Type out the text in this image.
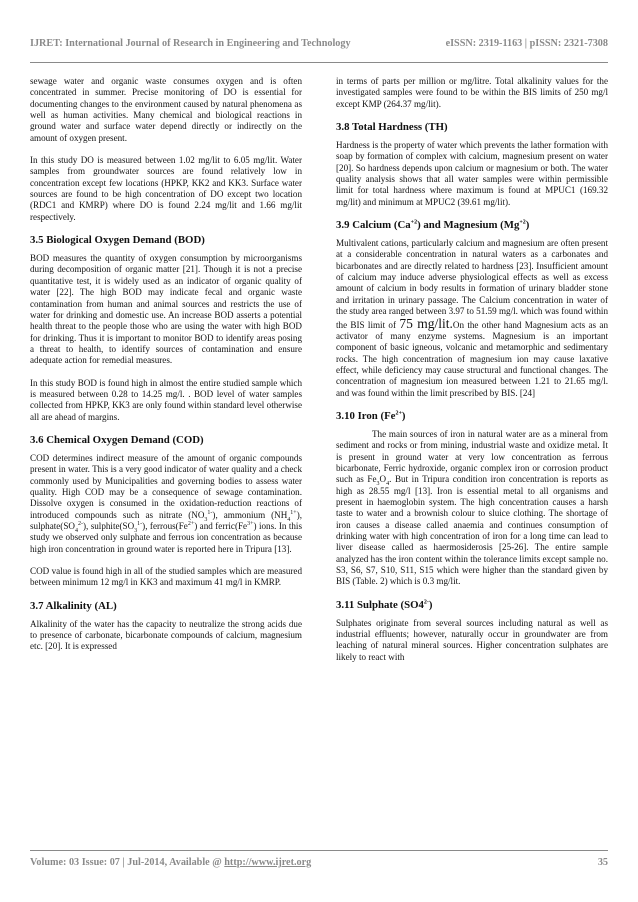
IJRET: International Journal of Research in Engineering and Technology	eISSN: 2319-1163 | pISSN: 2321-7308

sewage water and organic waste consumes oxygen and is often concentrated in summer. Precise monitoring of DO is essential for documenting changes to the environment caused by natural phenomena as well as human activities. Many chemical and biological reactions in ground water and surface water depend directly or indirectly on the amount of oxygen present.

In this study DO is measured between 1.02 mg/lit to 6.05 mg/lit. Water samples from groundwater sources are found relatively low in concentration except few locations (HPKP, KK2 and KK3. Surface water sources are found to be high concentration of DO except two location (RDC1 and KMRP) where DO is found 2.24 mg/lit and 1.66 mg/lit respectively.

3.5 Biological Oxygen Demand (BOD)

BOD measures the quantity of oxygen consumption by microorganisms during decomposition of organic matter [21]. Though it is not a precise quantitative test, it is widely used as an indicator of organic quality of water [22]. The high BOD may indicate fecal and organic waste contamination from human and animal sources and restricts the use of water for drinking and domestic use. An increase BOD asserts a potential health threat to the people those who are using the water with high BOD for drinking. Thus it is important to monitor BOD to identify areas posing a threat to health, to identify sources of contamination and ensure adequate action for remedial measures.

In this study BOD is found high in almost the entire studied sample which is measured between 0.28 to 14.25 mg/l. . BOD level of water samples collected from HPKP, KK3 are only found within standard level otherwise all are ahead of margins.

3.6 Chemical Oxygen Demand (COD)

COD determines indirect measure of the amount of organic compounds present in water. This is a very good indicator of water quality and a check commonly used by Municipalities and governing bodies to assess water quality. High COD may be a consequence of sewage contamination. Dissolve oxygen is consumed in the oxidation-reduction reactions of introduced compounds such as nitrate $(NO_3^{1-})$, ammonium $(NH_4^{1+})$, $sulphate(SO_4^{2-})$, $sulphite(SO_3^{1-})$, $ferrous(Fe^{2+})$ and $ferric(Fe^{3+})$ ions. In this study we observed only sulphate and ferrous ion concentration as because high iron concentration in ground water is reported here in Tripura [13].

COD value is found high in all of the studied samples which are measured between minimum 12 mg/l in KK3 and maximum 41 mg/l in KMRP.

3.7 Alkalinity (AL)

Alkalinity of the water has the capacity to neutralize the strong acids due to presence of carbonate, bicarbonate compounds of calcium, magnesium etc. [20]. It is expressed

in terms of parts per million or mg/litre. Total alkalinity values for the investigated samples were found to be within the BIS limits of 250 mg/l except KMP (264.37 mg/lit).

3.8 Total Hardness (TH)

Hardness is the property of water which prevents the lather formation with soap by formation of complex with calcium, magnesium present on water [20]. So hardness depends upon calcium or magnesium or both. The water quality analysis shows that all water samples were within permissible limit for total hardness where maximum is found at MPUC1 (169.32 mg/lit) and minimum at MPUC2 (39.61 mg/lit).

3.9 Calcium $(Ca^{+2})$ and Magnesium $(Mg^{+2})$

Multivalent cations, particularly calcium and magnesium are often present at a considerable concentration in natural waters as a carbonates and bicarbonates and are directly related to hardness [23]. Insufficient amount of calcium may induce adverse physiological effects as well as excess amount of calcium in body results in formation of urinary bladder stone and irritation in urinary passage. The Calcium concentration in water of the study area ranged between 3.97 to 51.59 mg/l. which was found within the BIS limit of 75 mg/lit.On the other hand Magnesium acts as an activator of many enzyme systems. Magnesium is an important component of basic igneous, volcanic and metamorphic and sedimentary rocks. The high concentration of magnesium ion may cause laxative effect, while deficiency may cause structural and functional changes. The concentration of magnesium ion measured between 1.21 to 21.65 mg/l. and was found within the limit prescribed by BIS. [24]

3.10 Iron $(Fe^{2+})$

The main sources of iron in natural water are as a mineral from sediment and rocks or from mining, industrial waste and oxidize metal. It is present in ground water at very low concentration as ferrous bicarbonate, Ferric hydroxide, organic complex iron or corrosion product such as $Fe_3O_4$. But in Tripura condition iron concentration is reports as high as 28.55 mg/l [13]. Iron is essential metal to all organisms and present in haemoglobin system. The high concentration causes a harsh taste to water and a brownish colour to sluice clothing. The shortage of iron causes a disease called anaemia and continues consumption of drinking water with high concentration of iron for a long time can lead to liver disease called as haermosiderosis [25-26]. The entire sample analyzed has the iron content within the tolerance limits except sample no. S3, S6, S7, S10, S11, S15 which were higher than the standard given by BIS (Table. 2) which is 0.3 mg/lit.

3.11 Sulphate $(SO4^{2-})$

Sulphates originate from several sources including natural as well as industrial effluents; however, naturally occur in groundwater are from leaching of natural mineral sources. Higher concentration sulphates are likely to react with

Volume: 03 Issue: 07 | Jul-2014, Available @ http://www.ijret.org	35
